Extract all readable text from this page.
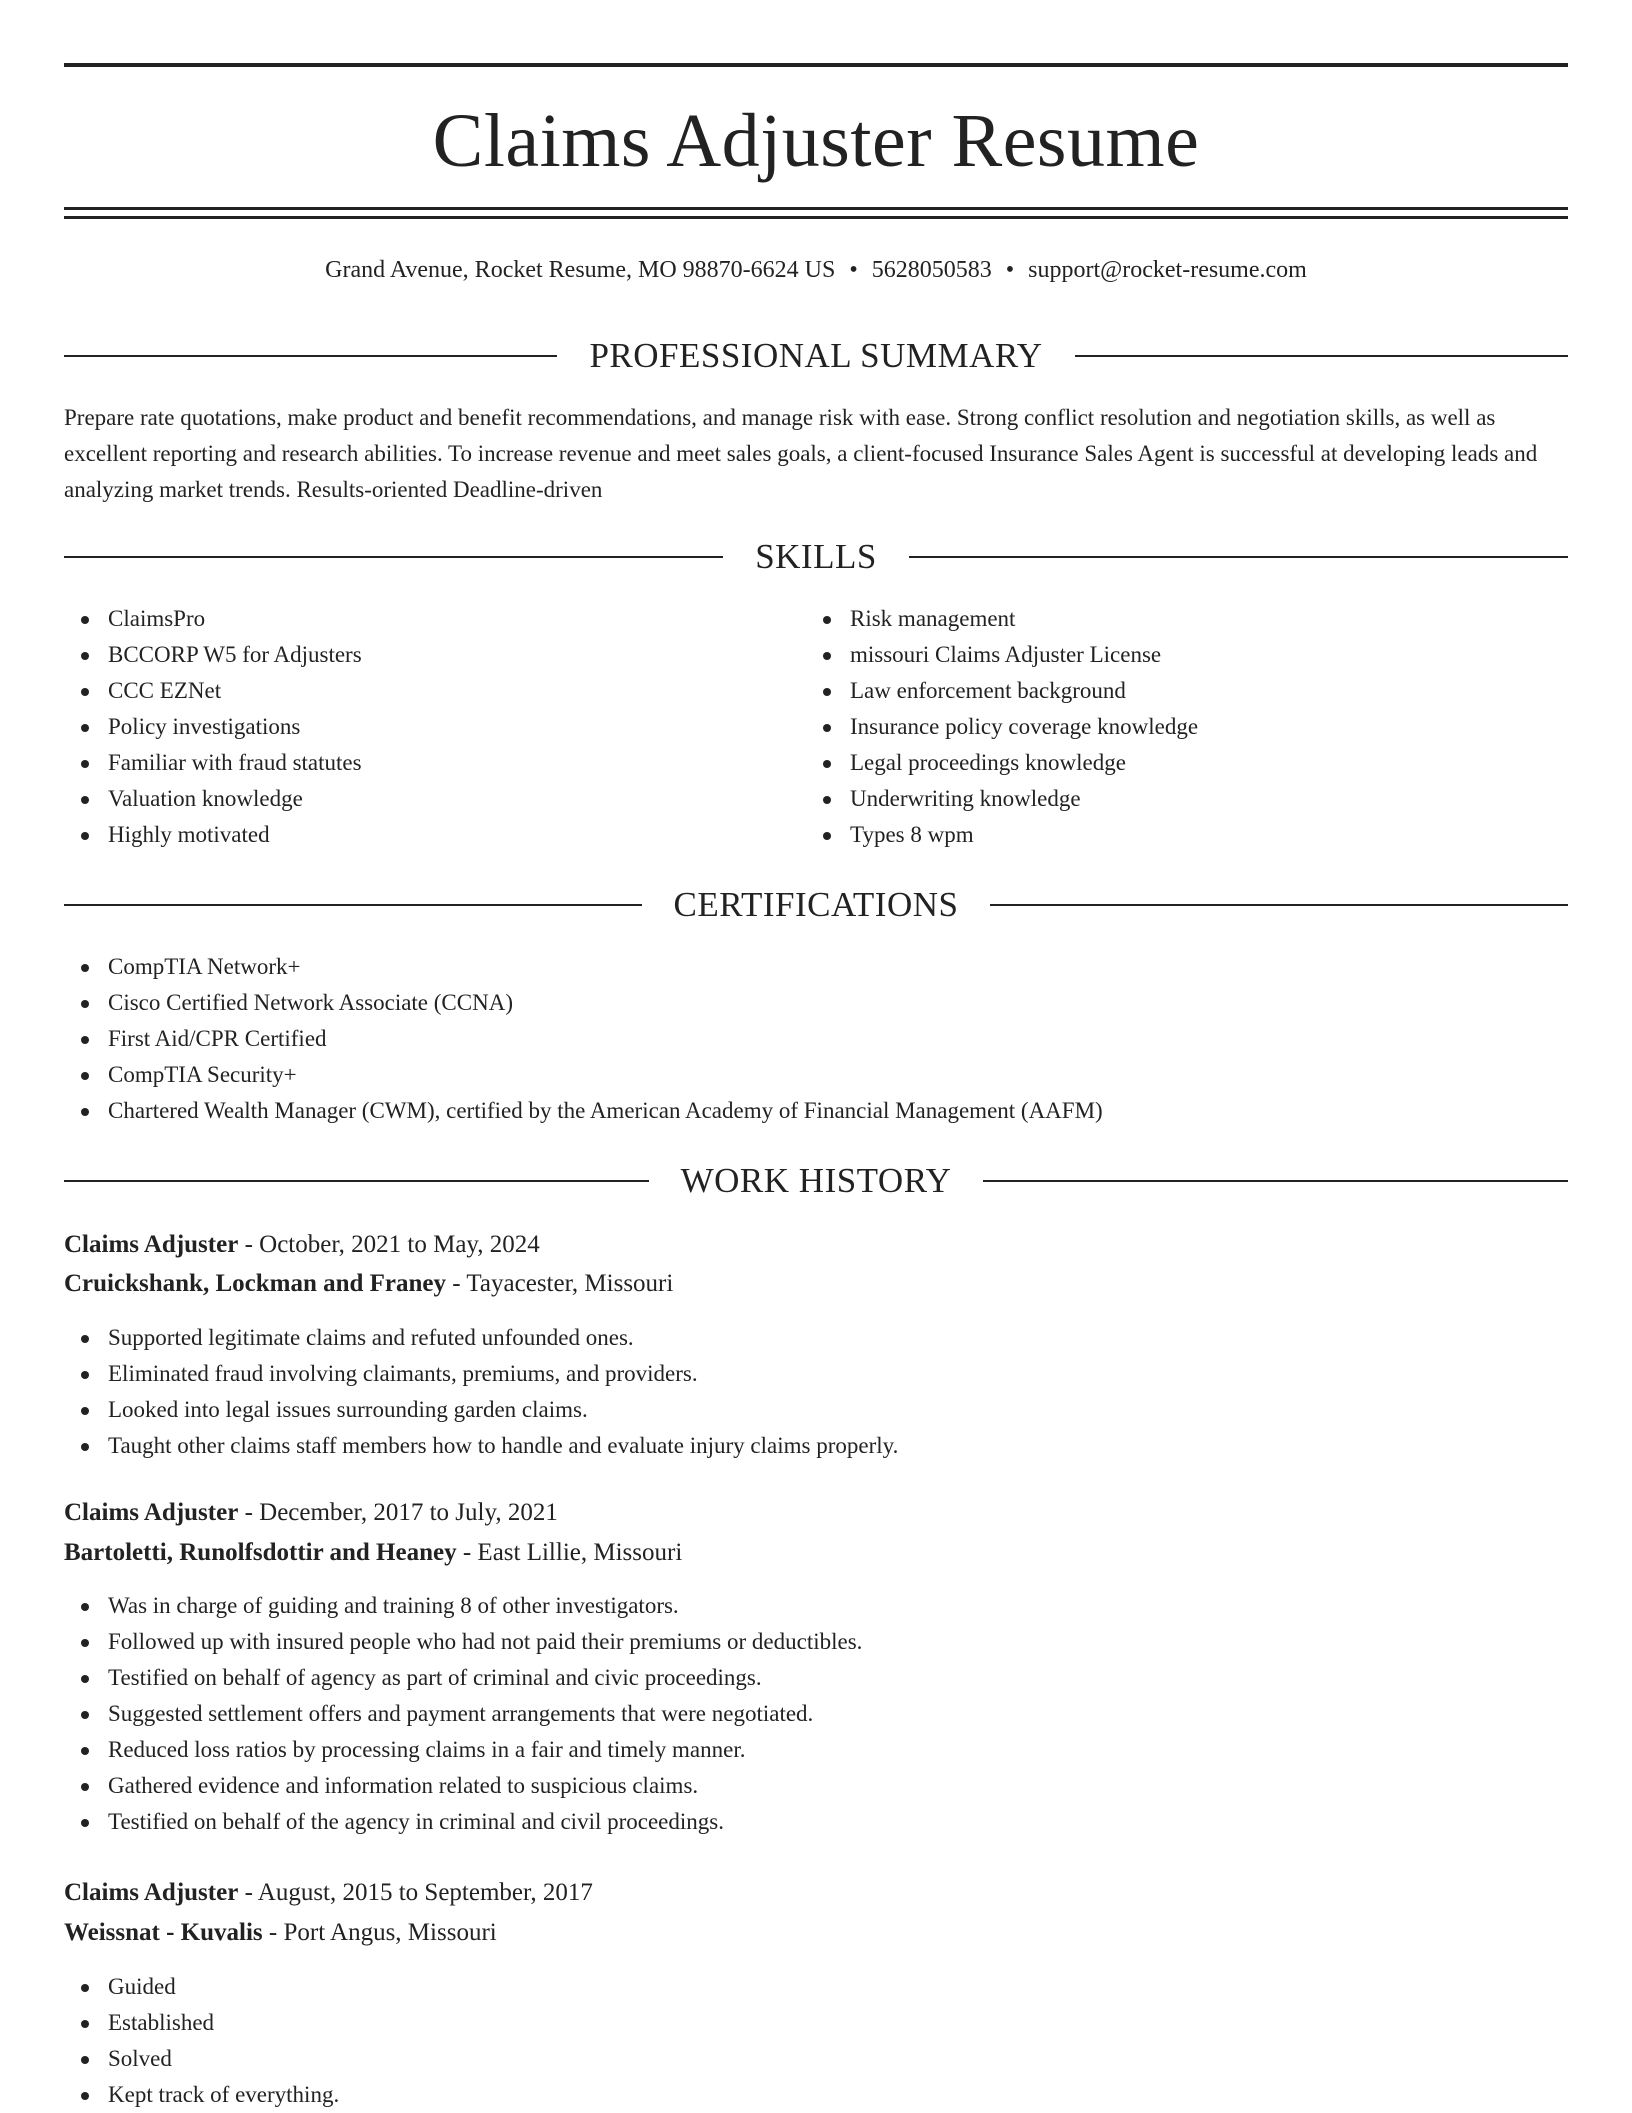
Claims Adjuster Resume
Grand Avenue, Rocket Resume, MO 98870-6624 US • 5628050583 • support@rocket-resume.com
PROFESSIONAL SUMMARY
Prepare rate quotations, make product and benefit recommendations, and manage risk with ease. Strong conflict resolution and negotiation skills, as well as excellent reporting and research abilities. To increase revenue and meet sales goals, a client-focused Insurance Sales Agent is successful at developing leads and analyzing market trends. Results-oriented Deadline-driven
SKILLS
ClaimsPro
BCCORP W5 for Adjusters
CCC EZNet
Policy investigations
Familiar with fraud statutes
Valuation knowledge
Highly motivated
Risk management
missouri Claims Adjuster License
Law enforcement background
Insurance policy coverage knowledge
Legal proceedings knowledge
Underwriting knowledge
Types 8 wpm
CERTIFICATIONS
CompTIA Network+
Cisco Certified Network Associate (CCNA)
First Aid/CPR Certified
CompTIA Security+
Chartered Wealth Manager (CWM), certified by the American Academy of Financial Management (AAFM)
WORK HISTORY
Claims Adjuster - October, 2021 to May, 2024
Cruickshank, Lockman and Franey - Tayacester, Missouri
Supported legitimate claims and refuted unfounded ones.
Eliminated fraud involving claimants, premiums, and providers.
Looked into legal issues surrounding garden claims.
Taught other claims staff members how to handle and evaluate injury claims properly.
Claims Adjuster - December, 2017 to July, 2021
Bartoletti, Runolfsdottir and Heaney - East Lillie, Missouri
Was in charge of guiding and training 8 of other investigators.
Followed up with insured people who had not paid their premiums or deductibles.
Testified on behalf of agency as part of criminal and civic proceedings.
Suggested settlement offers and payment arrangements that were negotiated.
Reduced loss ratios by processing claims in a fair and timely manner.
Gathered evidence and information related to suspicious claims.
Testified on behalf of the agency in criminal and civil proceedings.
Claims Adjuster - August, 2015 to September, 2017
Weissnat - Kuvalis - Port Angus, Missouri
Guided
Established
Solved
Kept track of everything.
